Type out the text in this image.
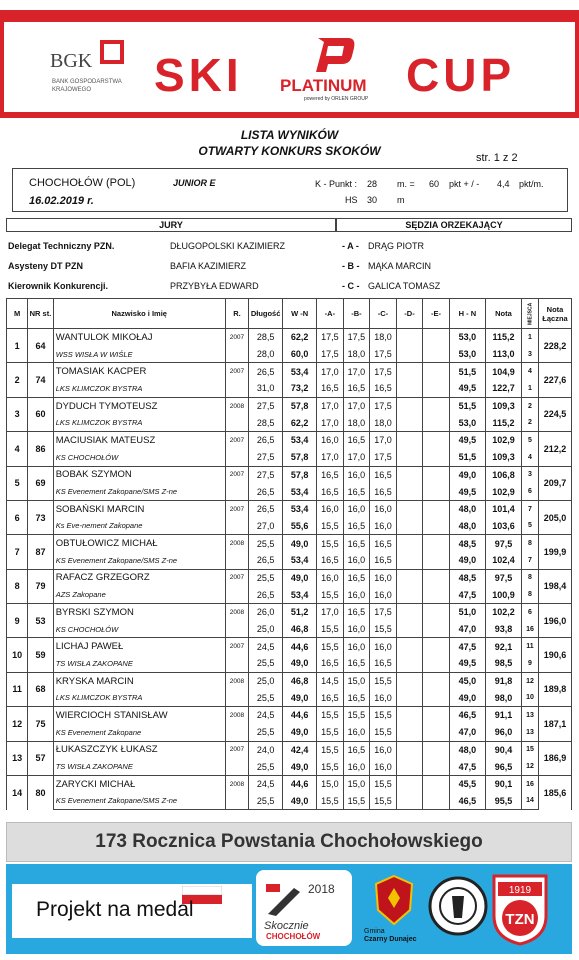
BGK
BANK GOSPODARSTWA KRAJOWEGO	SKI PLATINUM
powered by ORLEN GROUP CUP
LISTA WYNIKÓW
OTWARTY KONKURS SKOKÓW	str. 1 z 2
CHOCHOŁÓW (POL)	JUNIOR E
16.02.2019 r.
K - Punkt : 28 m. = 60 pkt + / - 4,4 pkt/m.
HS 30 m
JURY	SĘDZIA ORZEKAJĄCY
Delegat Techniczny PZN.	DŁUGOPOLSKI KAZIMIERZ	- A - DRĄG PIOTR
Asysteny DT PZN	BAFIA KAZIMIERZ	- B - MĄKA MARCIN
Kierownik Konkurencji.	PRZYBYŁA EDWARD	- C - GALICA TOMASZ
M	NR st.	Nazwisko i Imię	R.	Długość	W -N	-A-	-B-	-C-	-D-	-E-	H - N	Nota	MIEJSCA	Nota Łączna
1	64	WANTULOK MIKOŁAJ	2007	28,5	62,2	17,5	17,5	18,0			53,0	115,2	1	228,2
		WSS WISŁA W WIŚLE		28,0	60,0	17,5	18,0	17,5			53,0	113,0	3	
2	74	TOMASIAK KACPER	2007	26,5	53,4	17,0	17,0	17,5			51,5	104,9	4	227,6
		LKS KLIMCZOK BYSTRA		31,0	73,2	16,5	16,5	16,5			49,5	122,7	1	
3	60	DYDUCH TYMOTEUSZ	2008	27,5	57,8	17,0	17,0	17,5			51,5	109,3	2	224,5
		LKS KLIMCZOK BYSTRA		28,5	62,2	17,0	18,0	18,0			53,0	115,2	2	
4	86	MACIUSIAK MATEUSZ	2007	26,5	53,4	16,0	16,5	17,0			49,5	102,9	5	212,2
		KS CHOCHOŁÓW		27,5	57,8	17,0	17,0	17,5			51,5	109,3	4	
5	69	BOBAK SZYMON	2007	27,5	57,8	16,5	16,0	16,5			49,0	106,8	3	209,7
		KS Evenement Zakopane/SMS Z-ne		26,5	53,4	16,5	16,5	16,5			49,5	102,9	6	
6	73	SOBAŃSKI MARCIN	2007	26,5	53,4	16,0	16,0	16,0			48,0	101,4	7	205,0
		Ks Eve-nement Zakopane		27,0	55,6	15,5	16,5	16,0			48,0	103,6	5	
7	87	OBTUŁOWICZ MICHAŁ	2008	25,5	49,0	15,5	16,5	16,5			48,5	97,5	8	199,9
		KS Evenement Zakopane/SMS Z-ne		26,5	53,4	16,5	16,0	16,5			49,0	102,4	7	
8	79	RAFACZ GRZEGORZ	2007	25,5	49,0	16,0	16,5	16,0			48,5	97,5	8	198,4
		AZS Zakopane		26,5	53,4	15,5	16,0	16,0			47,5	100,9	8	
9	53	BYRSKI SZYMON	2008	26,0	51,2	17,0	16,5	17,5			51,0	102,2	6	196,0
		KS CHOCHOŁÓW		25,0	46,8	15,5	16,0	15,5			47,0	93,8	16	
10	59	LICHAJ PAWEŁ	2007	24,5	44,6	15,5	16,0	16,0			47,5	92,1	11	190,6
		TS WISŁA ZAKOPANE		25,5	49,0	16,5	16,5	16,5			49,5	98,5	9	
11	68	KRYSKA MARCIN	2008	25,0	46,8	14,5	15,0	15,5			45,0	91,8	12	189,8
		LKS KLIMCZOK BYSTRA		25,5	49,0	16,5	16,5	16,0			49,0	98,0	10	
12	75	WIERCIOCH STANISŁAW	2008	24,5	44,6	15,5	15,5	15,5			46,5	91,1	13	187,1
		KS Evenement Zakopane		25,5	49,0	15,5	16,0	15,5			47,0	96,0	13	
13	57	ŁUKASZCZYK ŁUKASZ	2007	24,0	42,4	15,5	16,5	16,0			48,0	90,4	15	186,9
		TS WISŁA ZAKOPANE		25,5	49,0	15,5	16,0	16,0			47,5	96,5	12	
14	80	ZARYCKI MICHAŁ	2008	24,5	44,6	15,0	15,0	15,5			45,5	90,1	16	185,6
		KS Evenement Zakopane/SMS Z-ne		25,5	49,0	15,5	15,5	15,5			46,5	95,5	14	
173 Rocznica Powstania Chochołowskiego
Projekt na medal
2018
Skocznie
CHOCHOŁÓW
Gmina
Czarny Dunajec
1919
TZN
